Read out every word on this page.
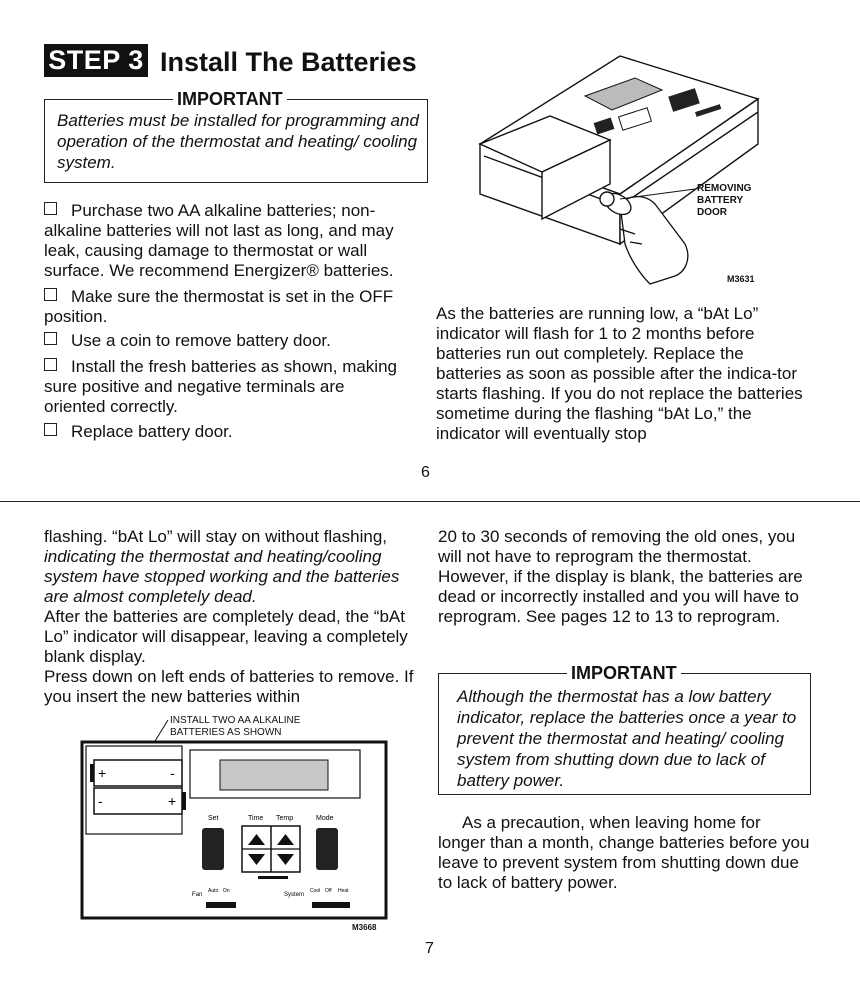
STEP 3 Install The Batteries
IMPORTANT
Batteries must be installed for programming and operation of the thermostat and heating/ cooling system.
Purchase two AA alkaline batteries; non-alkaline batteries will not last as long, and may leak, causing damage to thermostat or wall surface. We recommend Energizer® batteries.
Make sure the thermostat is set in the OFF position.
Use a coin to remove battery door.
Install the fresh batteries as shown, making sure positive and negative terminals are oriented correctly.
Replace battery door.
REMOVING
BATTERY
DOOR
M3631
As the batteries are running low, a “bAt Lo” indicator will flash for 1 to 2 months before batteries run out completely. Replace the batteries as soon as possible after the indica-tor starts flashing. If you do not replace the batteries sometime during the flashing “bAt Lo,” the indicator will eventually stop
6
flashing. “bAt Lo” will stay on without flashing, indicating the thermostat and heating/cooling system have stopped working and the batteries are almost completely dead.
After the batteries are completely dead, the “bAt Lo” indicator will disappear, leaving a completely blank display.
Press down on left ends of batteries to remove. If you insert the new batteries within
INSTALL TWO AA ALKALINE
BATTERIES AS SHOWN
+	-
-	+
Set	Time Temp	Mode
Fan
Auto On
System
Cool Off Heat
M3668
20 to 30 seconds of removing the old ones, you will not have to reprogram the thermostat. However, if the display is blank, the batteries are dead or incorrectly installed and you will have to reprogram. See pages 12 to 13 to reprogram.
IMPORTANT
Although the thermostat has a low battery indicator, replace the batteries once a year to prevent the thermostat and heating/ cooling system from shutting down due to lack of battery power.
As a precaution, when leaving home for longer than a month, change batteries before you leave to prevent system from shutting down due to lack of battery power.
7
